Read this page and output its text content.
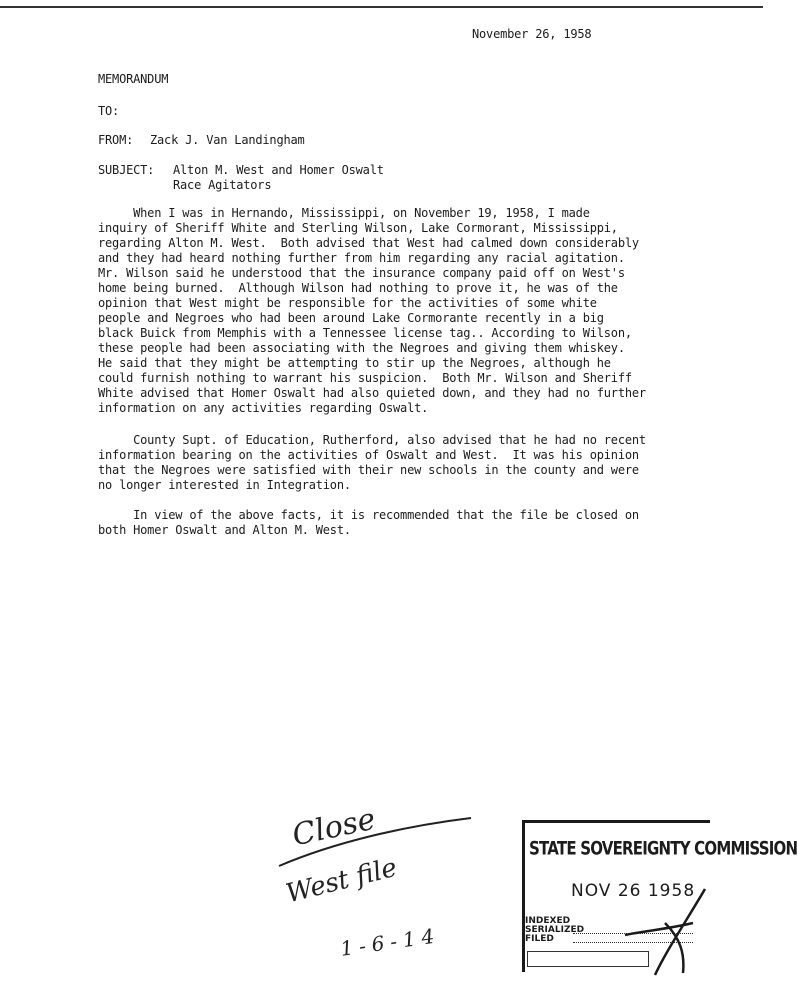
November 26, 1958
MEMORANDUM
TO:
FROM: Zack J. Van Landingham
SUBJECT: Alton M. West and Homer Oswalt
Race Agitators

When I was in Hernando, Mississippi, on November 19, 1958, I made

inquiry of Sheriff White and Sterling Wilson, Lake Cormorant, Mississippi,

regarding Alton M. West.  Both advised that West had calmed down considerably

and they had heard nothing further from him regarding any racial agitation.

Mr. Wilson said he understood that the insurance company paid off on West's

home being burned.  Although Wilson had nothing to prove it, he was of the

opinion that West might be responsible for the activities of some white

people and Negroes who had been around Lake Cormorante recently in a big

black Buick from Memphis with a Tennessee license tag.. According to Wilson,

these people had been associating with the Negroes and giving them whiskey.

He said that they might be attempting to stir up the Negroes, although he

could furnish nothing to warrant his suspicion.  Both Mr. Wilson and Sheriff

White advised that Homer Oswalt had also quieted down, and they had no further

information on any activities regarding Oswalt.

County Supt. of Education, Rutherford, also advised that he had no recent

information bearing on the activities of Oswalt and West.  It was his opinion

that the Negroes were satisfied with their new schools in the county and were

no longer interested in Integration.

In view of the above facts, it is recommended that the file be closed on

both Homer Oswalt and Alton M. West.

Close
West file
1-6-14
STATE SOVEREIGNTY COMMISSION
NOV 26 1958
INDEXED
SERIALIZED
FILED
